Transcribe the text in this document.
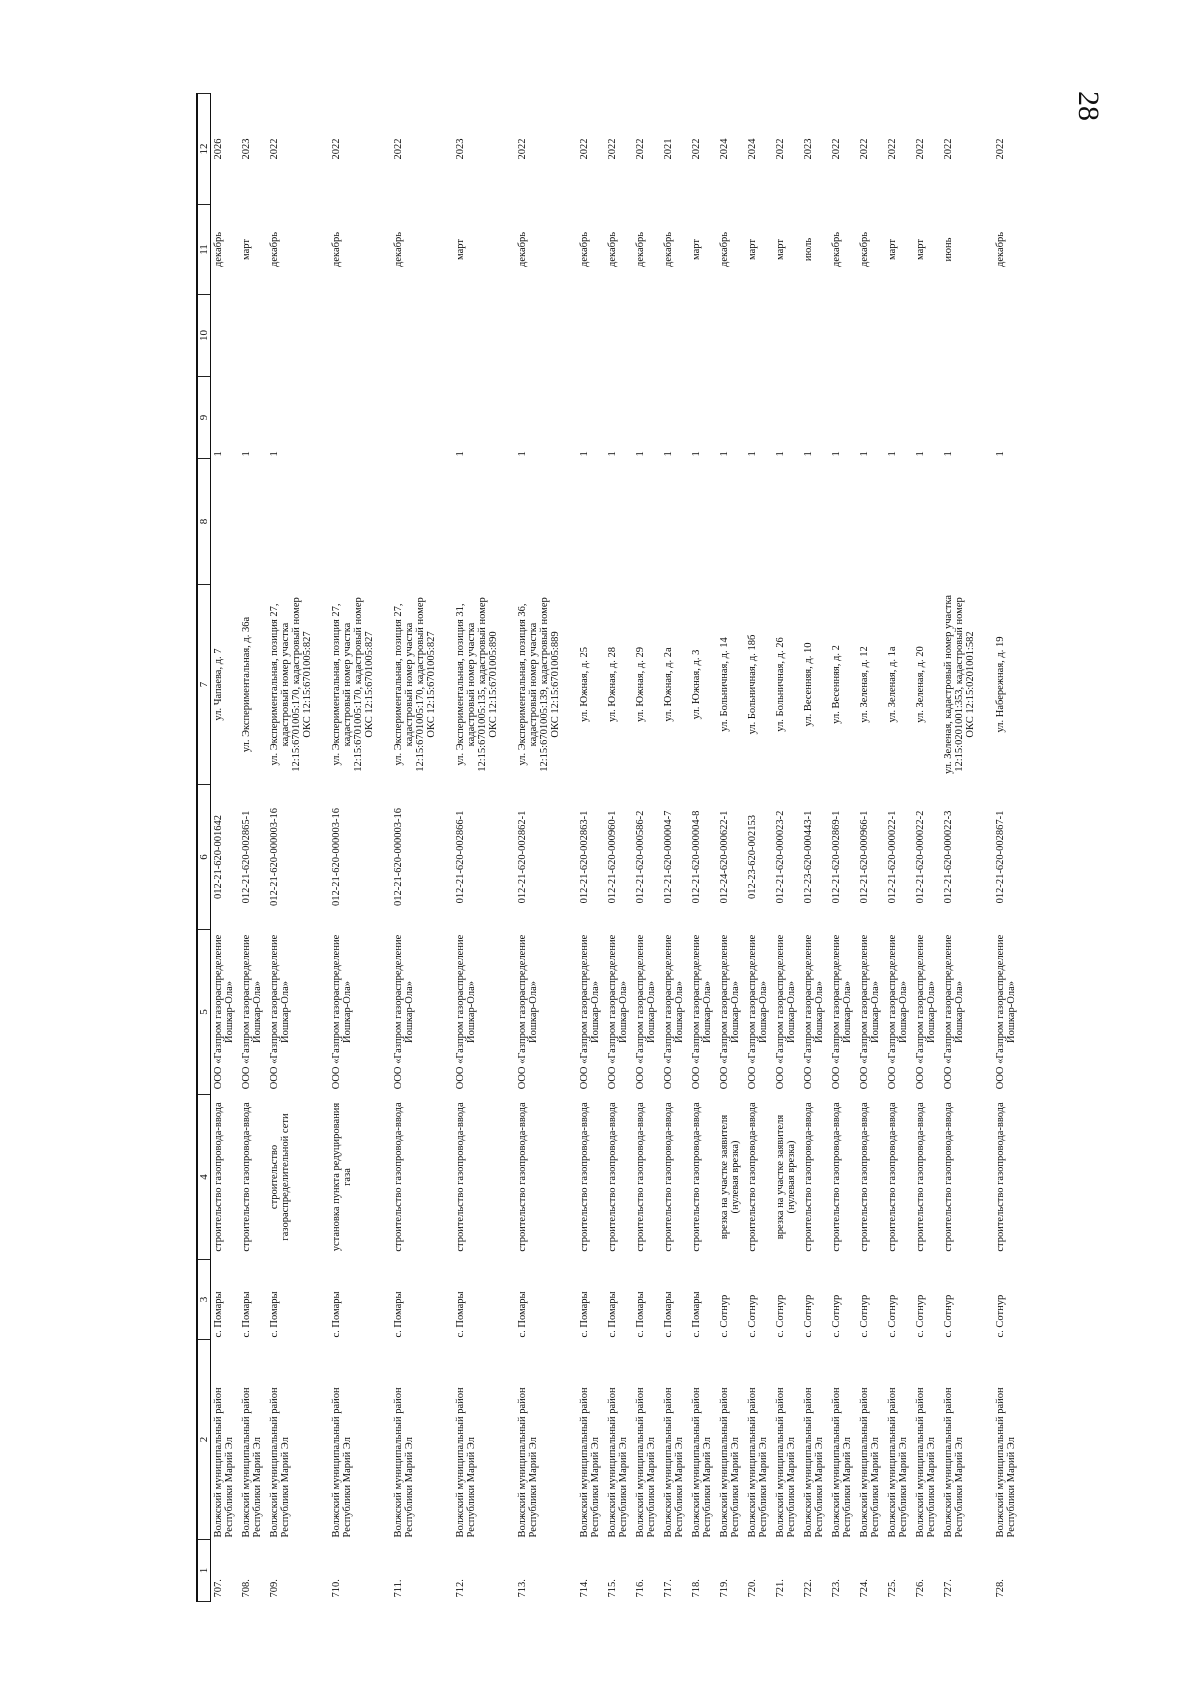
28
1	2	3	4	5	6	7	8	9	10	11	12
707.	Волжский муниципальный район Республики Марий Эл	с. Помары	строительство газопровода-ввода	ООО «Газпром газораспределение Йошкар-Ола»	012-21-620-001642	ул. Чапаева, д. 7		1		декабрь	2026
708.	Волжский муниципальный район Республики Марий Эл	с. Помары	строительство газопровода-ввода	ООО «Газпром газораспределение Йошкар-Ола»	012-21-620-002865-1	ул. Экспериментальная, д. 36а		1		март	2023
709.	Волжский муниципальный район Республики Марий Эл	с. Помары	строительство газораспределительной сети	ООО «Газпром газораспределение Йошкар-Ола»	012-21-620-000003-16	ул. Экспериментальная, позиция 27, кадастровый номер участка 12:15:6701005:170, кадастровый номер ОКС 12:15:6701005:827		1		декабрь	2022
710.	Волжский муниципальный район Республики Марий Эл	с. Помары	установка пункта редуцирования газа	ООО «Газпром газораспределение Йошкар-Ола»	012-21-620-000003-16	ул. Экспериментальная, позиция 27, кадастровый номер участка 12:15:6701005:170, кадастровый номер ОКС 12:15:6701005:827				декабрь	2022
711.	Волжский муниципальный район Республики Марий Эл	с. Помары	строительство газопровода-ввода	ООО «Газпром газораспределение Йошкар-Ола»	012-21-620-000003-16	ул. Экспериментальная, позиция 27, кадастровый номер участка 12:15:6701005:170, кадастровый номер ОКС 12:15:6701005:827				декабрь	2022
712.	Волжский муниципальный район Республики Марий Эл	с. Помары	строительство газопровода-ввода	ООО «Газпром газораспределение Йошкар-Ола»	012-21-620-002866-1	ул. Экспериментальная, позиция 31, кадастровый номер участка 12:15:6701005:135, кадастровый номер ОКС 12:15:6701005:890		1		март	2023
713.	Волжский муниципальный район Республики Марий Эл	с. Помары	строительство газопровода-ввода	ООО «Газпром газораспределение Йошкар-Ола»	012-21-620-002862-1	ул. Экспериментальная, позиция 36, кадастровый номер участка 12:15:6701005:139, кадастровый номер ОКС 12:15:6701005:889		1		декабрь	2022
714.	Волжский муниципальный район Республики Марий Эл	с. Помары	строительство газопровода-ввода	ООО «Газпром газораспределение Йошкар-Ола»	012-21-620-002863-1	ул. Южная, д. 25		1		декабрь	2022
715.	Волжский муниципальный район Республики Марий Эл	с. Помары	строительство газопровода-ввода	ООО «Газпром газораспределение Йошкар-Ола»	012-21-620-000960-1	ул. Южная, д. 28		1		декабрь	2022
716.	Волжский муниципальный район Республики Марий Эл	с. Помары	строительство газопровода-ввода	ООО «Газпром газораспределение Йошкар-Ола»	012-21-620-000586-2	ул. Южная, д. 29		1		декабрь	2022
717.	Волжский муниципальный район Республики Марий Эл	с. Помары	строительство газопровода-ввода	ООО «Газпром газораспределение Йошкар-Ола»	012-21-620-000004-7	ул. Южная, д. 2а		1		декабрь	2021
718.	Волжский муниципальный район Республики Марий Эл	с. Помары	строительство газопровода-ввода	ООО «Газпром газораспределение Йошкар-Ола»	012-21-620-000004-8	ул. Южная, д. 3		1		март	2022
719.	Волжский муниципальный район Республики Марий Эл	с. Сотнур	врезка на участке заявителя (нулевая врезка)	ООО «Газпром газораспределение Йошкар-Ола»	012-24-620-000622-1	ул. Больничная, д. 14		1		декабрь	2024
720.	Волжский муниципальный район Республики Марий Эл	с. Сотнур	строительство газопровода-ввода	ООО «Газпром газораспределение Йошкар-Ола»	012-23-620-002153	ул. Больничная, д. 18б		1		март	2024
721.	Волжский муниципальный район Республики Марий Эл	с. Сотнур	врезка на участке заявителя (нулевая врезка)	ООО «Газпром газораспределение Йошкар-Ола»	012-21-620-000023-2	ул. Больничная, д. 26		1		март	2022
722.	Волжский муниципальный район Республики Марий Эл	с. Сотнур	строительство газопровода-ввода	ООО «Газпром газораспределение Йошкар-Ола»	012-23-620-000443-1	ул. Весенняя, д. 10		1		июль	2023
723.	Волжский муниципальный район Республики Марий Эл	с. Сотнур	строительство газопровода-ввода	ООО «Газпром газораспределение Йошкар-Ола»	012-21-620-002869-1	ул. Весенняя, д. 2		1		декабрь	2022
724.	Волжский муниципальный район Республики Марий Эл	с. Сотнур	строительство газопровода-ввода	ООО «Газпром газораспределение Йошкар-Ола»	012-21-620-000966-1	ул. Зеленая, д. 12		1		декабрь	2022
725.	Волжский муниципальный район Республики Марий Эл	с. Сотнур	строительство газопровода-ввода	ООО «Газпром газораспределение Йошкар-Ола»	012-21-620-000022-1	ул. Зеленая, д. 1а		1		март	2022
726.	Волжский муниципальный район Республики Марий Эл	с. Сотнур	строительство газопровода-ввода	ООО «Газпром газораспределение Йошкар-Ола»	012-21-620-000022-2	ул. Зеленая, д. 20		1		март	2022
727.	Волжский муниципальный район Республики Марий Эл	с. Сотнур	строительство газопровода-ввода	ООО «Газпром газораспределение Йошкар-Ола»	012-21-620-000022-3	ул. Зеленая, кадастровый номер участка 12:15:0201001:353, кадастровый номер ОКС 12:15:0201001:582		1		июнь	2022
728.	Волжский муниципальный район Республики Марий Эл	с. Сотнур	строительство газопровода-ввода	ООО «Газпром газораспределение Йошкар-Ола»	012-21-620-002867-1	ул. Набережная, д. 19		1		декабрь	2022
